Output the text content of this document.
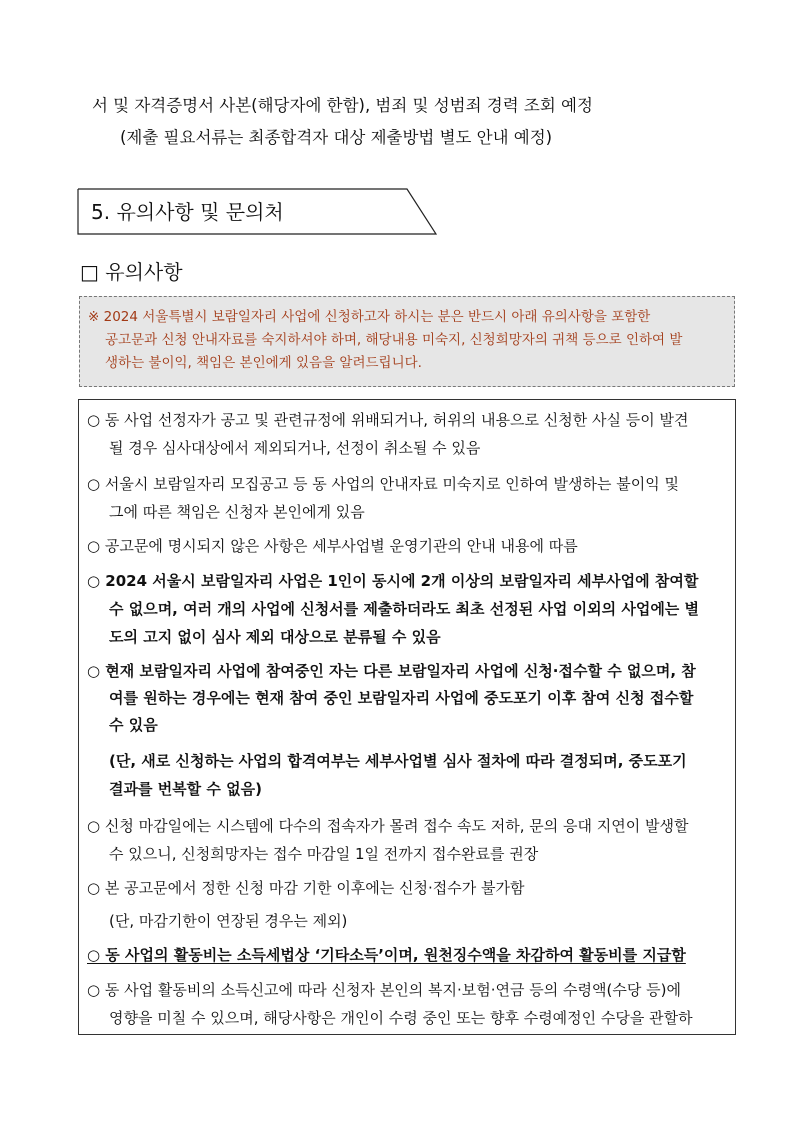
서 및 자격증명서 사본(해당자에 한함), 범죄 및 성범죄 경력 조회 예정
(제출 필요서류는 최종합격자 대상 제출방법 별도 안내 예정)
5. 유의사항 및 문의처
□ 유의사항
※ 2024 서울특별시 보람일자리 사업에 신청하고자 하시는 분은 반드시 아래 유의사항을 포함한
공고문과 신청 안내자료를 숙지하셔야 하며, 해당내용 미숙지, 신청희망자의 귀책 등으로 인하여 발
생하는 불이익, 책임은 본인에게 있음을 알려드립니다.
○ 동 사업 선정자가 공고 및 관련규정에 위배되거나, 허위의 내용으로 신청한 사실 등이 발견
될 경우 심사대상에서 제외되거나, 선정이 취소될 수 있음
○ 서울시 보람일자리 모집공고 등 동 사업의 안내자료 미숙지로 인하여 발생하는 불이익 및
그에 따른 책임은 신청자 본인에게 있음
○ 공고문에 명시되지 않은 사항은 세부사업별 운영기관의 안내 내용에 따름
○ 2024 서울시 보람일자리 사업은 1인이 동시에 2개 이상의 보람일자리 세부사업에 참여할
수 없으며, 여러 개의 사업에 신청서를 제출하더라도 최초 선정된 사업 이외의 사업에는 별
도의 고지 없이 심사 제외 대상으로 분류될 수 있음
○ 현재 보람일자리 사업에 참여중인 자는 다른 보람일자리 사업에 신청·접수할 수 없으며, 참
여를 원하는 경우에는 현재 참여 중인 보람일자리 사업에 중도포기 이후 참여 신청 접수할
수 있음
(단, 새로 신청하는 사업의 합격여부는 세부사업별 심사 절차에 따라 결정되며, 중도포기
결과를 번복할 수 없음)
○ 신청 마감일에는 시스템에 다수의 접속자가 몰려 접수 속도 저하, 문의 응대 지연이 발생할
수 있으니, 신청희망자는 접수 마감일 1일 전까지 접수완료를 권장
○ 본 공고문에서 정한 신청 마감 기한 이후에는 신청·접수가 불가함
(단, 마감기한이 연장된 경우는 제외)
○ 동 사업의 활동비는 소득세법상 ‘기타소득’이며, 원천징수액을 차감하여 활동비를 지급함
○ 동 사업 활동비의 소득신고에 따라 신청자 본인의 복지·보험·연금 등의 수령액(수당 등)에
영향을 미칠 수 있으며, 해당사항은 개인이 수령 중인 또는 향후 수령예정인 수당을 관할하
